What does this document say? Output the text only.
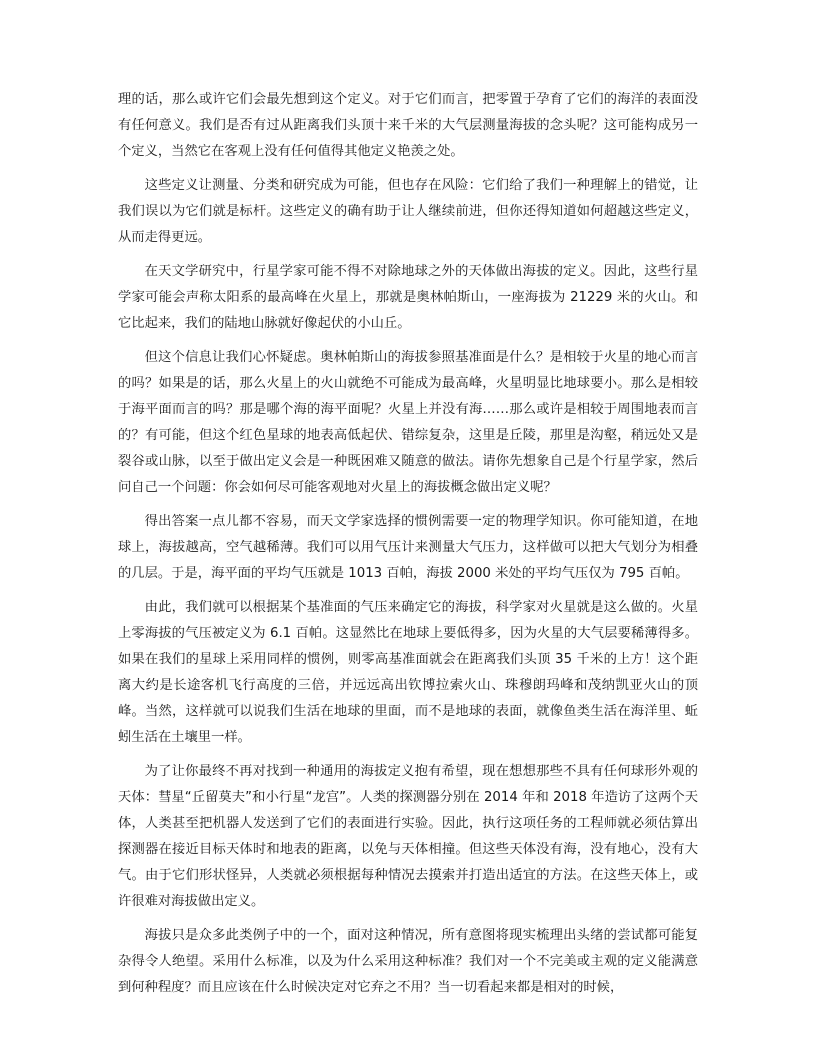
理的话，那么或许它们会最先想到这个定义。对于它们而言，把零置于孕育了它们的海洋的表面没有任何意义。我们是否有过从距离我们头顶十来千米的大气层测量海拔的念头呢？这可能构成另一个定义，当然它在客观上没有任何值得其他定义艳羡之处。

这些定义让测量、分类和研究成为可能，但也存在风险：它们给了我们一种理解上的错觉，让我们误以为它们就是标杆。这些定义的确有助于让人继续前进，但你还得知道如何超越这些定义，从而走得更远。

在天文学研究中，行星学家可能不得不对除地球之外的天体做出海拔的定义。因此，这些行星学家可能会声称太阳系的最高峰在火星上，那就是奥林帕斯山，一座海拔为 21229 米的火山。和它比起来，我们的陆地山脉就好像起伏的小山丘。

但这个信息让我们心怀疑虑。奥林帕斯山的海拔参照基准面是什么？是相较于火星的地心而言的吗？如果是的话，那么火星上的火山就绝不可能成为最高峰，火星明显比地球要小。那么是相较于海平面而言的吗？那是哪个海的海平面呢？火星上并没有海……那么或许是相较于周围地表而言的？有可能，但这个红色星球的地表高低起伏、错综复杂，这里是丘陵，那里是沟壑，稍远处又是裂谷或山脉，以至于做出定义会是一种既困难又随意的做法。请你先想象自己是个行星学家，然后问自己一个问题：你会如何尽可能客观地对火星上的海拔概念做出定义呢？

得出答案一点儿都不容易，而天文学家选择的惯例需要一定的物理学知识。你可能知道，在地球上，海拔越高，空气越稀薄。我们可以用气压计来测量大气压力，这样做可以把大气划分为相叠的几层。于是，海平面的平均气压就是 1013 百帕，海拔 2000 米处的平均气压仅为 795 百帕。

由此，我们就可以根据某个基准面的气压来确定它的海拔，科学家对火星就是这么做的。火星上零海拔的气压被定义为 6.1 百帕。这显然比在地球上要低得多，因为火星的大气层要稀薄得多。如果在我们的星球上采用同样的惯例，则零高基准面就会在距离我们头顶 35 千米的上方！这个距离大约是长途客机飞行高度的三倍，并远远高出钦博拉索火山、珠穆朗玛峰和茂纳凯亚火山的顶峰。当然，这样就可以说我们生活在地球的里面，而不是地球的表面，就像鱼类生活在海洋里、蚯蚓生活在土壤里一样。

为了让你最终不再对找到一种通用的海拔定义抱有希望，现在想想那些不具有任何球形外观的天体：彗星“丘留莫夫”和小行星“龙宫”。人类的探测器分别在 2014 年和 2018 年造访了这两个天体，人类甚至把机器人发送到了它们的表面进行实验。因此，执行这项任务的工程师就必须估算出探测器在接近目标天体时和地表的距离，以免与天体相撞。但这些天体没有海，没有地心，没有大气。由于它们形状怪异，人类就必须根据每种情况去摸索并打造出适宜的方法。在这些天体上，或许很难对海拔做出定义。

海拔只是众多此类例子中的一个，面对这种情况，所有意图将现实梳理出头绪的尝试都可能复杂得令人绝望。采用什么标准，以及为什么采用这种标准？我们对一个不完美或主观的定义能满意到何种程度？而且应该在什么时候决定对它弃之不用？当一切看起来都是相对的时候，
